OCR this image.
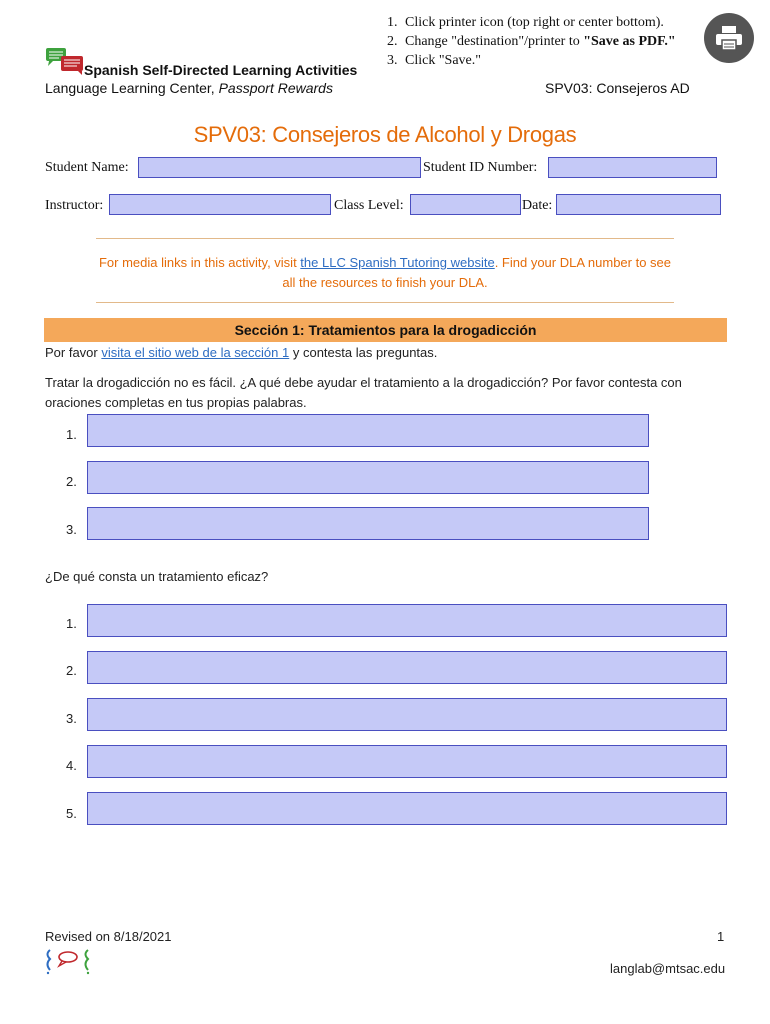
1. Click printer icon (top right or center bottom).
2. Change "destination"/printer to "Save as PDF."
3. Click "Save."
Spanish Self-Directed Learning Activities
Language Learning Center, Passport Rewards	SPV03: Consejeros AD
SPV03: Consejeros de Alcohol y Drogas
Student Name:	Student ID Number:
Instructor:	Class Level:	Date:
For media links in this activity, visit the LLC Spanish Tutoring website. Find your DLA number to see all the resources to finish your DLA.
Sección 1: Tratamientos para la drogadicción
Por favor visita el sitio web de la sección 1 y contesta las preguntas.
Tratar la drogadicción no es fácil. ¿A qué debe ayudar el tratamiento a la drogadicción? Por favor contesta con oraciones completas en tus propias palabras.
1.
2.
3.
¿De qué consta un tratamiento eficaz?
1.
2.
3.
4.
5.
Revised on 8/18/2021	1
langlab@mtsac.edu
